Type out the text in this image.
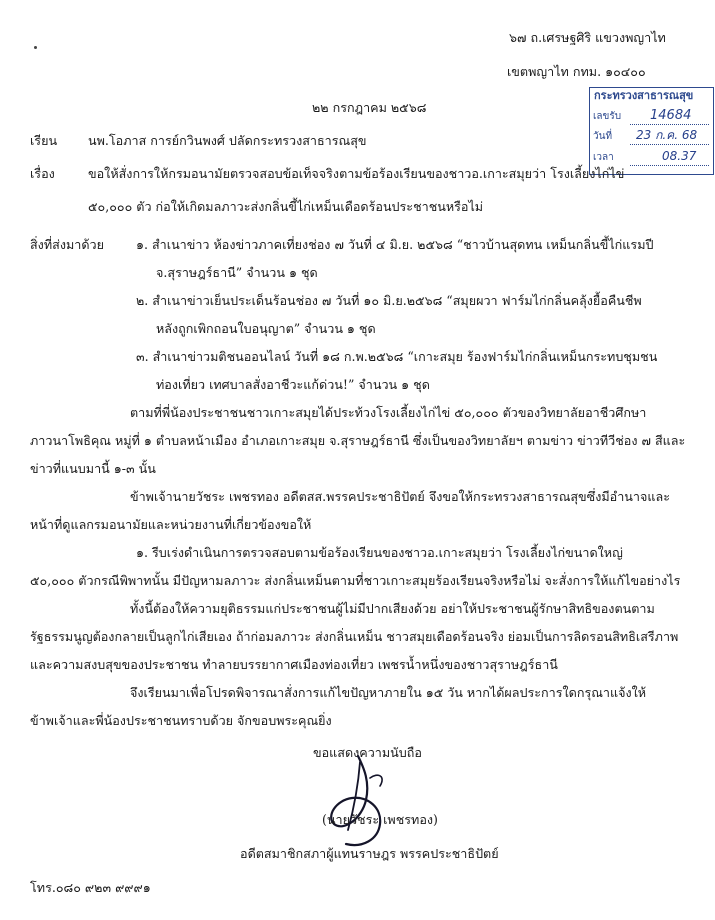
๖๗ ถ.เศรษฐศิริ แขวงพญาไท
เขตพญาไท กทม. ๑๐๔๐๐
กระทรวงสาธารณสุข
เลขรับ 14684
วันที่ 23 ก.ค. 68
เวลา	08.37
๒๒ กรกฎาคม ๒๕๖๘
เรียน นพ.โอภาส การย์กวินพงศ์ ปลัดกระทรวงสาธารณสุข
เรื่อง	ขอให้สั่งการให้กรมอนามัยตรวจสอบข้อเท็จจริงตามข้อร้องเรียนของชาวอ.เกาะสมุยว่า โรงเลี้ยงไก่ไข่
๕๐,๐๐๐ ตัว ก่อให้เกิดมลภาวะส่งกลิ่นขี้ไก่เหม็นเดือดร้อนประชาชนหรือไม่
สิ่งที่ส่งมาด้วย	๑. สำเนาข่าว ห้องข่าวภาคเที่ยงช่อง ๗ วันที่ ๔ มิ.ย. ๒๕๖๘ “ชาวบ้านสุดทน เหม็นกลิ่นขี้ไก่แรมปี
จ.สุราษฎร์ธานี” จำนวน ๑ ชุด
๒. สำเนาข่าวเย็นประเด็นร้อนช่อง ๗ วันที่ ๑๐ มิ.ย.๒๕๖๘ “สมุยผวา ฟาร์มไก่กลิ่นคลุ้งยื้อคืนชีพ
หลังถูกเพิกถอนใบอนุญาต” จำนวน ๑ ชุด
๓. สำเนาข่าวมติชนออนไลน์ วันที่ ๑๘ ก.พ.๒๕๖๘ “เกาะสมุย ร้องฟาร์มไก่กลิ่นเหม็นกระทบชุมชน
ท่องเที่ยว เทศบาลสั่งอาชีวะแก้ด่วน!” จำนวน ๑ ชุด
ตามที่พี่น้องประชาชนชาวเกาะสมุยได้ประท้วงโรงเลี้ยงไก่ไข่ ๕๐,๐๐๐ ตัวของวิทยาลัยอาชีวศึกษา
ภาวนาโพธิคุณ หมู่ที่ ๑ ตำบลหน้าเมือง อำเภอเกาะสมุย จ.สุราษฎร์ธานี ซึ่งเป็นของวิทยาลัยฯ ตามข่าว ข่าวทีวีช่อง ๗ สีและ
ข่าวที่แนบมานี้ ๑-๓ นั้น
ข้าพเจ้านายวัชระ เพชรทอง อดีตสส.พรรคประชาธิปัตย์ จึงขอให้กระทรวงสาธารณสุขซึ่งมีอำนาจและ
หน้าที่ดูแลกรมอนามัยและหน่วยงานที่เกี่ยวข้องขอให้
๑. รีบเร่งดำเนินการตรวจสอบตามข้อร้องเรียนของชาวอ.เกาะสมุยว่า โรงเลี้ยงไก่ขนาดใหญ่
๕๐,๐๐๐ ตัวกรณีพิพาทนั้น มีปัญหามลภาวะ ส่งกลิ่นเหม็นตามที่ชาวเกาะสมุยร้องเรียนจริงหรือไม่ จะสั่งการให้แก้ไขอย่างไร
ทั้งนี้ต้องให้ความยุติธรรมแก่ประชาชนผู้ไม่มีปากเสียงด้วย อย่าให้ประชาชนผู้รักษาสิทธิของตนตาม
รัฐธรรมนูญต้องกลายเป็นลูกไก่เสียเอง ถ้าก่อมลภาวะ ส่งกลิ่นเหม็น ชาวสมุยเดือดร้อนจริง ย่อมเป็นการลิดรอนสิทธิเสรีภาพ
และความสงบสุขของประชาชน ทำลายบรรยากาศเมืองท่องเที่ยว เพชรน้ำหนึ่งของชาวสุราษฎร์ธานี
จึงเรียนมาเพื่อโปรดพิจารณาสั่งการแก้ไขปัญหาภายใน ๑๕ วัน หากได้ผลประการใดกรุณาแจ้งให้
ข้าพเจ้าและพี่น้องประชาชนทราบด้วย จักขอบพระคุณยิ่ง
ขอแสดงความนับถือ
(นายวัชระ เพชรทอง)
อดีตสมาชิกสภาผู้แทนราษฎร พรรคประชาธิปัตย์
โทร.๐๘๐ ๙๒๓ ๙๙๙๑
